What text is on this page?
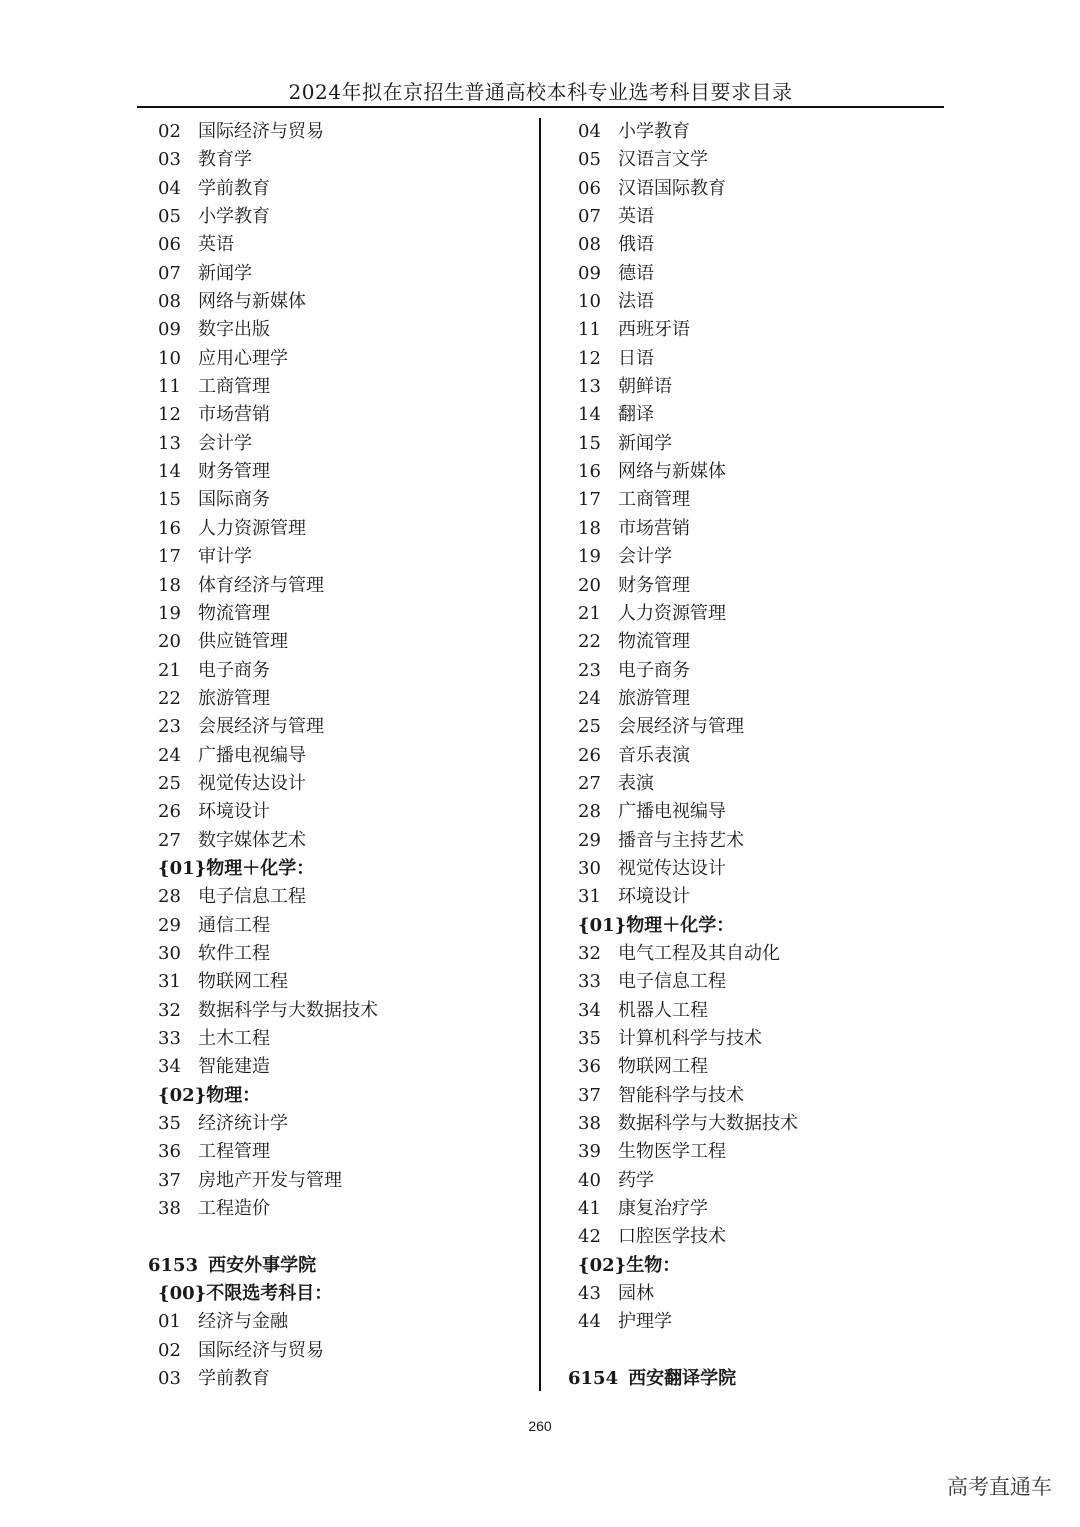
2024年拟在京招生普通高校本科专业选考科目要求目录
02 国际经济与贸易
03 教育学
04 学前教育
05 小学教育
06 英语
07 新闻学
08 网络与新媒体
09 数字出版
10 应用心理学
11 工商管理
12 市场营销
13 会计学
14 财务管理
15 国际商务
16 人力资源管理
17 审计学
18 体育经济与管理
19 物流管理
20 供应链管理
21 电子商务
22 旅游管理
23 会展经济与管理
24 广播电视编导
25 视觉传达设计
26 环境设计
27 数字媒体艺术
{01}物理＋化学：
28 电子信息工程
29 通信工程
30 软件工程
31 物联网工程
32 数据科学与大数据技术
33 土木工程
34 智能建造
{02}物理：
35 经济统计学
36 工程管理
37 房地产开发与管理
38 工程造价
6153 西安外事学院
{00}不限选考科目：
01 经济与金融
02 国际经济与贸易
03 学前教育
04 小学教育
05 汉语言文学
06 汉语国际教育
07 英语
08 俄语
09 德语
10 法语
11 西班牙语
12 日语
13 朝鲜语
14 翻译
15 新闻学
16 网络与新媒体
17 工商管理
18 市场营销
19 会计学
20 财务管理
21 人力资源管理
22 物流管理
23 电子商务
24 旅游管理
25 会展经济与管理
26 音乐表演
27 表演
28 广播电视编导
29 播音与主持艺术
30 视觉传达设计
31 环境设计
{01}物理＋化学：
32 电气工程及其自动化
33 电子信息工程
34 机器人工程
35 计算机科学与技术
36 物联网工程
37 智能科学与技术
38 数据科学与大数据技术
39 生物医学工程
40 药学
41 康复治疗学
42 口腔医学技术
{02}生物：
43 园林
44 护理学
6154 西安翻译学院
260
高考直通车
